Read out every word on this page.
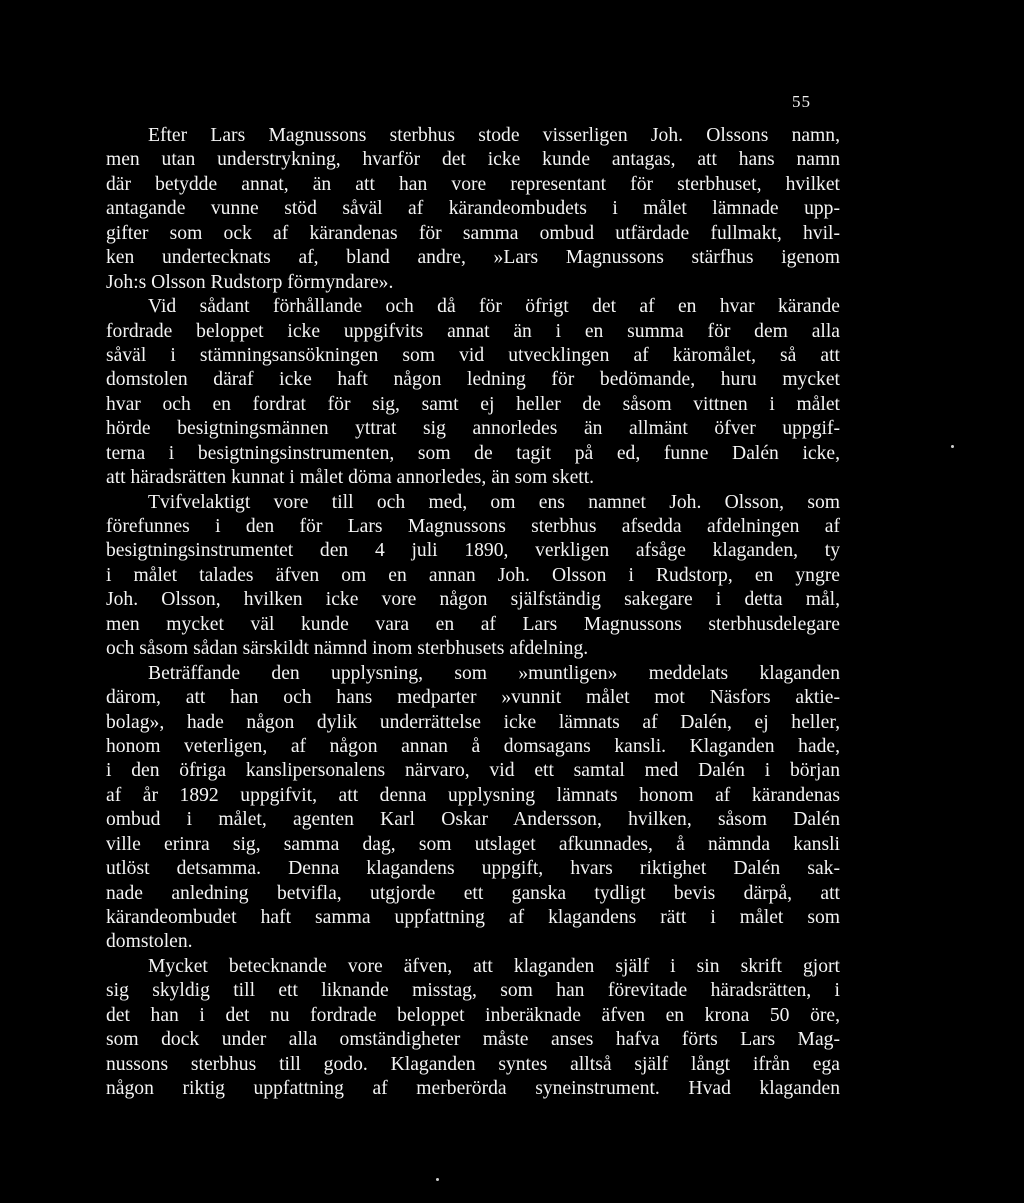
55
Efter Lars Magnussons sterbhus stode visserligen Joh. Olssons namn,
men utan understrykning, hvarför det icke kunde antagas, att hans namn
där betydde annat, än att han vore representant för sterbhuset, hvilket
antagande vunne stöd såväl af kärandeombudets i målet lämnade upp-
gifter som ock af kärandenas för samma ombud utfärdade fullmakt, hvil-
ken undertecknats af, bland andre, »Lars Magnussons stärfhus igenom
Joh:s Olsson Rudstorp förmyndare».
Vid sådant förhållande och då för öfrigt det af en hvar kärande
fordrade beloppet icke uppgifvits annat än i en summa för dem alla
såväl i stämningsansökningen som vid utvecklingen af käromålet, så att
domstolen däraf icke haft någon ledning för bedömande, huru mycket
hvar och en fordrat för sig, samt ej heller de såsom vittnen i målet
hörde besigtningsmännen yttrat sig annorledes än allmänt öfver uppgif-
terna i besigtningsinstrumenten, som de tagit på ed, funne Dalén icke,
att häradsrätten kunnat i målet döma annorledes, än som skett.
Tvifvelaktigt vore till och med, om ens namnet Joh. Olsson, som
förefunnes i den för Lars Magnussons sterbhus afsedda afdelningen af
besigtningsinstrumentet den 4 juli 1890, verkligen afsåge klaganden, ty
i målet talades äfven om en annan Joh. Olsson i Rudstorp, en yngre
Joh. Olsson, hvilken icke vore någon själfständig sakegare i detta mål,
men mycket väl kunde vara en af Lars Magnussons sterbhusdelegare
och såsom sådan särskildt nämnd inom sterbhusets afdelning.
Beträffande den upplysning, som »muntligen» meddelats klaganden
därom, att han och hans medparter »vunnit målet mot Näsfors aktie-
bolag», hade någon dylik underrättelse icke lämnats af Dalén, ej heller,
honom veterligen, af någon annan å domsagans kansli. Klaganden hade,
i den öfriga kanslipersonalens närvaro, vid ett samtal med Dalén i början
af år 1892 uppgifvit, att denna upplysning lämnats honom af kärandenas
ombud i målet, agenten Karl Oskar Andersson, hvilken, såsom Dalén
ville erinra sig, samma dag, som utslaget afkunnades, å nämnda kansli
utlöst detsamma. Denna klagandens uppgift, hvars riktighet Dalén sak-
nade anledning betvifla, utgjorde ett ganska tydligt bevis därpå, att
kärandeombudet haft samma uppfattning af klagandens rätt i målet som
domstolen.
Mycket betecknande vore äfven, att klaganden själf i sin skrift gjort
sig skyldig till ett liknande misstag, som han förevitade häradsrätten, i
det han i det nu fordrade beloppet inberäknade äfven en krona 50 öre,
som dock under alla omständigheter måste anses hafva förts Lars Mag-
nussons sterbhus till godo. Klaganden syntes alltså själf långt ifrån ega
någon riktig uppfattning af merberörda syneinstrument. Hvad klaganden
